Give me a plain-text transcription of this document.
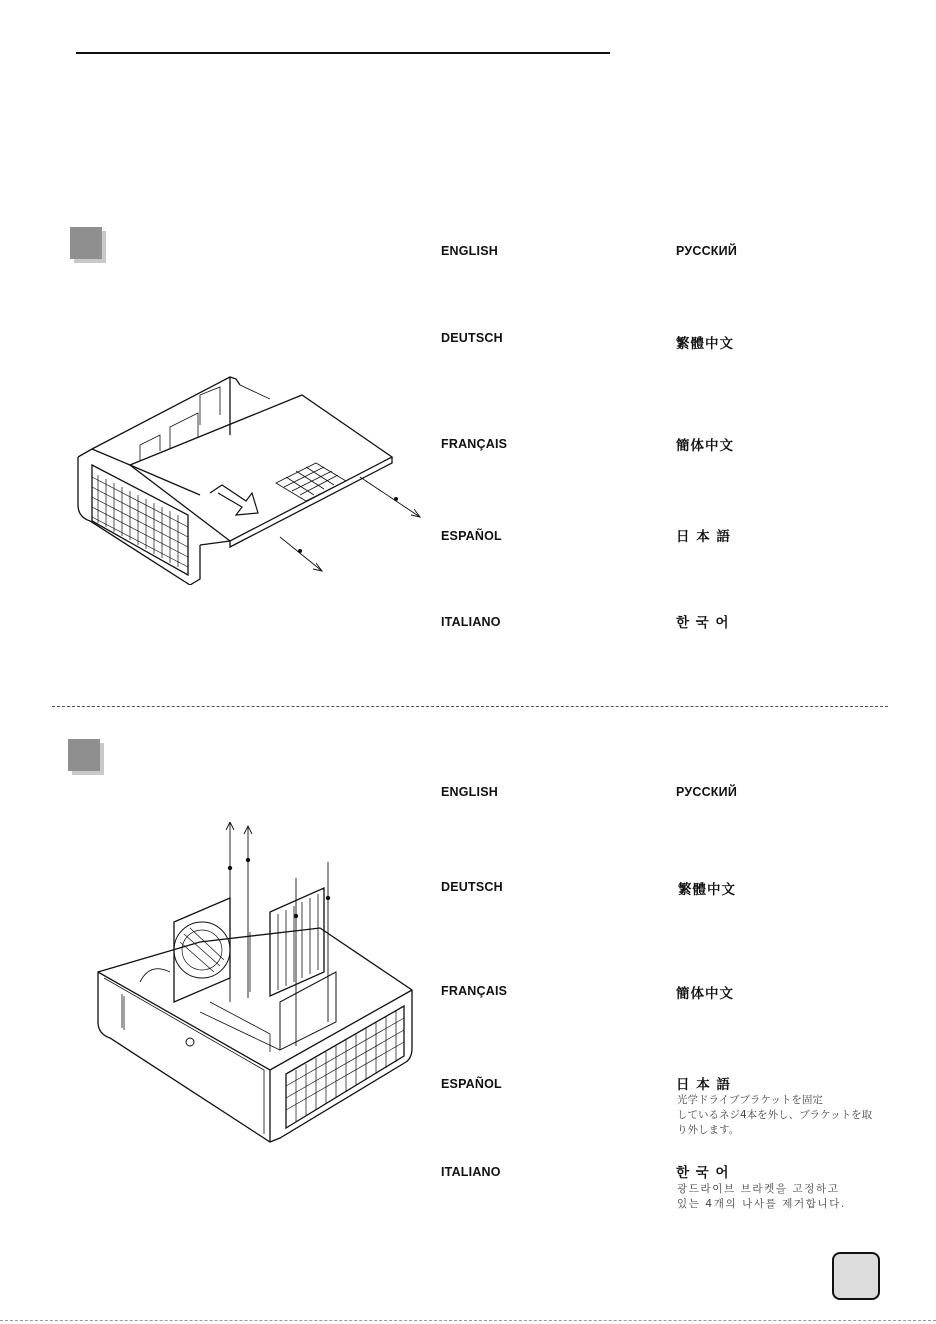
ENGLISH
DEUTSCH
FRANÇAIS
ESPAÑOL
ITALIANO
РУССКИЙ
繁體中文
簡体中文
日 本 語
한 국 어
ENGLISH
DEUTSCH
FRANÇAIS
ESPAÑOL
ITALIANO
РУССКИЙ
繁體中文
簡体中文
日 本 語
한 국 어
光学ドライブブラケットを固定
しているネジ4本を外し、ブラケットを取
り外します。
광드라이브 브라켓을 고정하고
있는 4개의 나사를 제거합니다.
